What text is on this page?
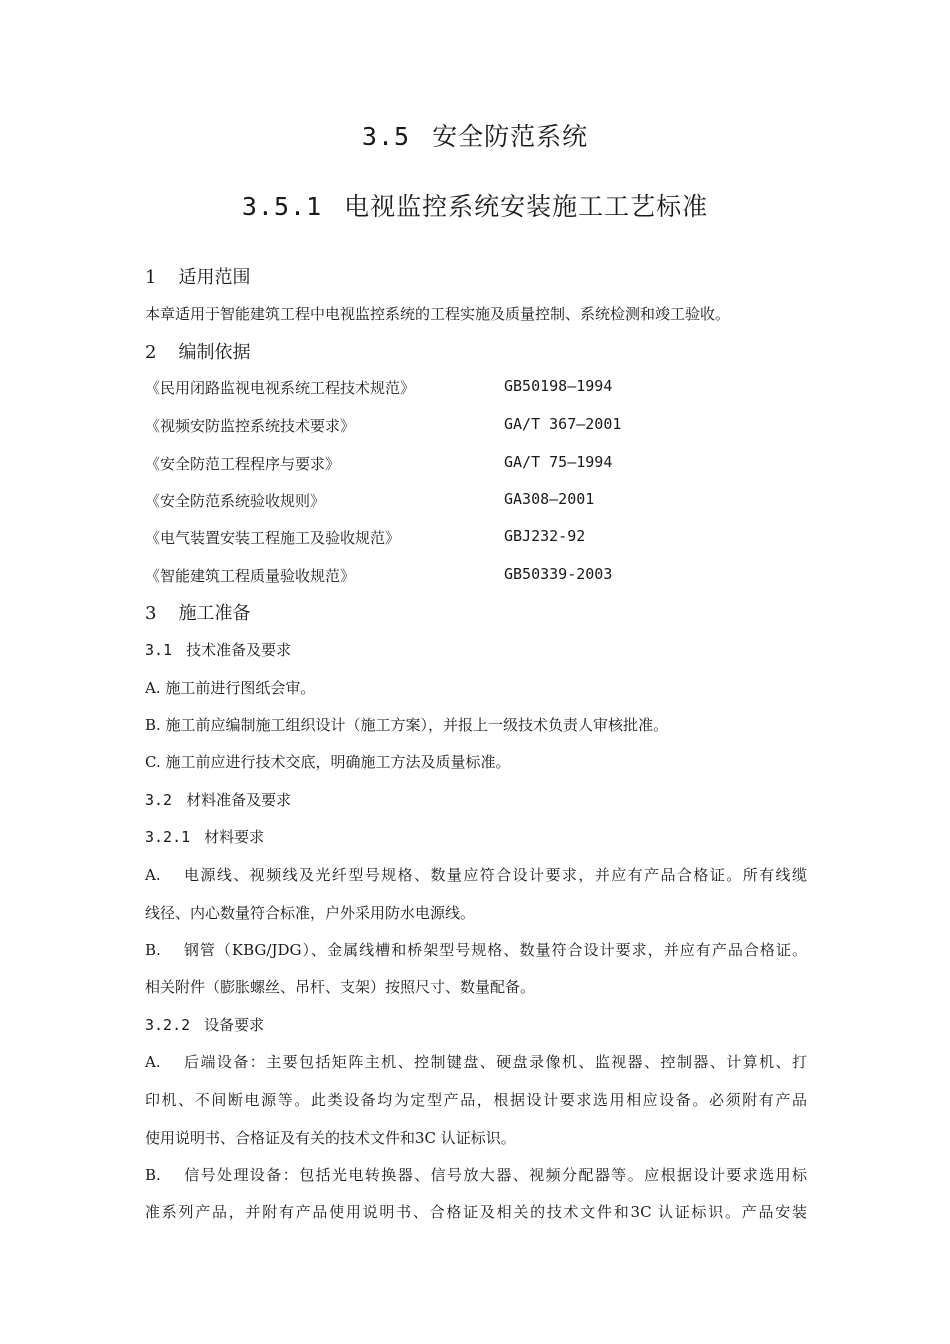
3.5 安全防范系统
3.5.1 电视监控系统安装施工工艺标准
1 适用范围
本章适用于智能建筑工程中电视监控系统的工程实施及质量控制、系统检测和竣工验收。
2 编制依据
《民用闭路监视电视系统工程技术规范》	GB50198—1994
《视频安防监控系统技术要求》	GA/T 367—2001
《安全防范工程程序与要求》	GA/T 75—1994
《安全防范系统验收规则》	GA308—2001
《电气装置安装工程施工及验收规范》	GBJ232-92
《智能建筑工程质量验收规范》	GB50339-2003
3 施工准备
3.1 技术准备及要求
A. 施工前进行图纸会审。
B. 施工前应编制施工组织设计（施工方案），并报上一级技术负责人审核批准。
C. 施工前应进行技术交底，明确施工方法及质量标准。
3.2 材料准备及要求
3.2.1 材料要求
A. 电源线、视频线及光纤型号规格、数量应符合设计要求，并应有产品合格证。所有线缆
线径、内心数量符合标准，户外采用防水电源线。
B. 钢管（KBG/JDG）、金属线槽和桥架型号规格、数量符合设计要求，并应有产品合格证。
相关附件（膨胀螺丝、吊杆、支架）按照尺寸、数量配备。
3.2.2 设备要求
A. 后端设备：主要包括矩阵主机、控制键盘、硬盘录像机、监视器、控制器、计算机、打
印机、不间断电源等。此类设备均为定型产品，根据设计要求选用相应设备。必须附有产品
使用说明书、合格证及有关的技术文件和3C 认证标识。
B. 信号处理设备：包括光电转换器、信号放大器、视频分配器等。应根据设计要求选用标
准系列产品，并附有产品使用说明书、合格证及相关的技术文件和3C 认证标识。产品安装
